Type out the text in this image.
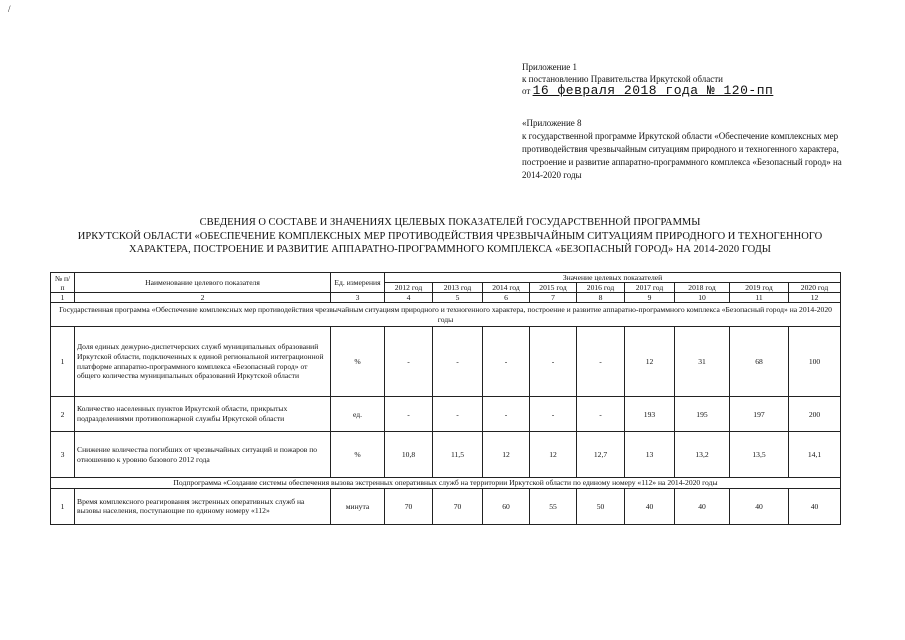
/
Приложение 1
к постановлению Правительства Иркутской области
от 16 февраля 2018 года № 120-пп
«Приложение 8
к государственной программе Иркутской области «Обеспечение комплексных мер противодействия чрезвычайным ситуациям природного и техногенного характера, построение и развитие аппаратно-программного комплекса «Безопасный город» на 2014-2020 годы
СВЕДЕНИЯ О СОСТАВЕ И ЗНАЧЕНИЯХ ЦЕЛЕВЫХ ПОКАЗАТЕЛЕЙ ГОСУДАРСТВЕННОЙ ПРОГРАММЫ
ИРКУТСКОЙ ОБЛАСТИ «ОБЕСПЕЧЕНИЕ КОМПЛЕКСНЫХ МЕР ПРОТИВОДЕЙСТВИЯ ЧРЕЗВЫЧАЙНЫМ СИТУАЦИЯМ ПРИРОДНОГО И ТЕХНОГЕННОГО
ХАРАКТЕРА, ПОСТРОЕНИЕ И РАЗВИТИЕ АППАРАТНО-ПРОГРАММНОГО КОМПЛЕКСА «БЕЗОПАСНЫЙ ГОРОД» НА 2014-2020 ГОДЫ
№ п/п	Наименование целевого показателя	Ед. измерения	Значение целевых показателей								
			2012 год	2013 год	2014 год	2015 год	2016 год	2017 год	2018 год	2019 год	2020 год
1	2	3	4	5	6	7	8	9	10	11	12
Государственная программа «Обеспечение комплексных мер противодействия чрезвычайным ситуациям природного и техногенного характера, построение и развитие аппаратно-программного комплекса «Безопасный город» на 2014-2020 годы											
1	Доля единых дежурно-диспетчерских служб муниципальных образований Иркутской области, подключенных к единой региональной интеграционной платформе аппаратно-программного комплекса «Безопасный город» от общего количества муниципальных образований Иркутской области	%	-	-	-	-	-	12	31	68	100
2	Количество населенных пунктов Иркутской области, прикрытых подразделениями противопожарной службы Иркутской области	ед.	-	-	-	-	-	193	195	197	200
3	Снижение количества погибших от чрезвычайных ситуаций и пожаров по отношению к уровню базового 2012 года	%	10,8	11,5	12	12	12,7	13	13,2	13,5	14,1
Подпрограмма «Создание системы обеспечения вызова экстренных оперативных служб на территории Иркутской области по единому номеру «112» на 2014-2020 годы											
1	Время комплексного реагирования экстренных оперативных служб на вызовы населения, поступающие по единому номеру «112»	минута	70	70	60	55	50	40	40	40	40
